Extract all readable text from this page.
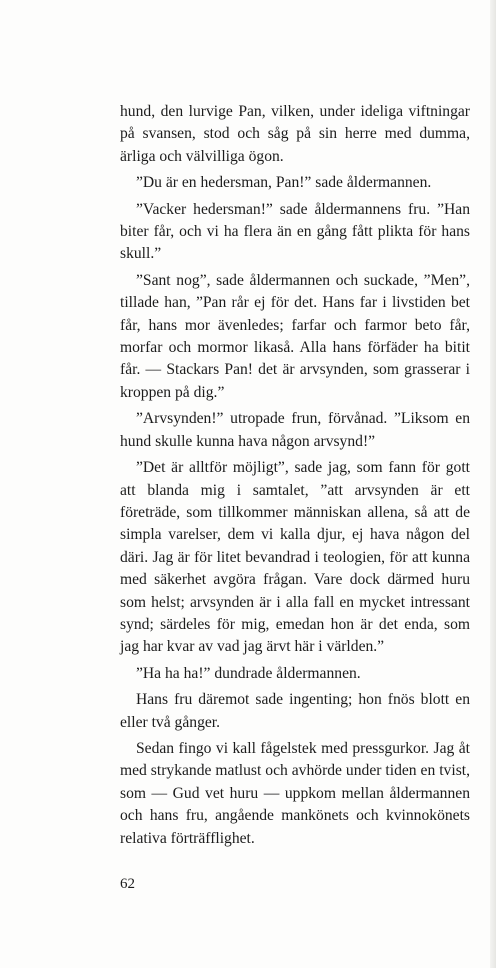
hund, den lurvige Pan, vilken, under ideliga viftningar på svansen, stod och såg på sin herre med dumma, ärliga och välvilliga ögon.

”Du är en hedersman, Pan!” sade åldermannen.

”Vacker hedersman!” sade åldermannens fru. ”Han biter får, och vi ha flera än en gång fått plikta för hans skull.”

”Sant nog”, sade åldermannen och suckade, ”Men”, tillade han, ”Pan rår ej för det. Hans far i livstiden bet får, hans mor ävenledes; farfar och farmor beto får, morfar och mormor likaså. Alla hans förfäder ha bitit får. — Stackars Pan! det är arvsynden, som grasserar i kroppen på dig.”

”Arvsynden!” utropade frun, förvånad. ”Liksom en hund skulle kunna hava någon arvsynd!”

”Det är alltför möjligt”, sade jag, som fann för gott att blanda mig i samtalet, ”att arvsynden är ett företräde, som tillkommer människan allena, så att de simpla varelser, dem vi kalla djur, ej hava någon del däri. Jag är för litet bevandrad i teologien, för att kunna med säkerhet avgöra frågan. Vare dock därmed huru som helst; arvsynden är i alla fall en mycket intressant synd; särdeles för mig, emedan hon är det enda, som jag har kvar av vad jag ärvt här i världen.”

”Ha ha ha!” dundrade åldermannen.

Hans fru däremot sade ingenting; hon fnös blott en eller två gånger.

Sedan fingo vi kall fågelstek med pressgurkor. Jag åt med strykande matlust och avhörde under tiden en tvist, som — Gud vet huru — uppkom mellan åldermannen och hans fru, angående mankönets och kvinnokönets relativa förträfflighet.

62
